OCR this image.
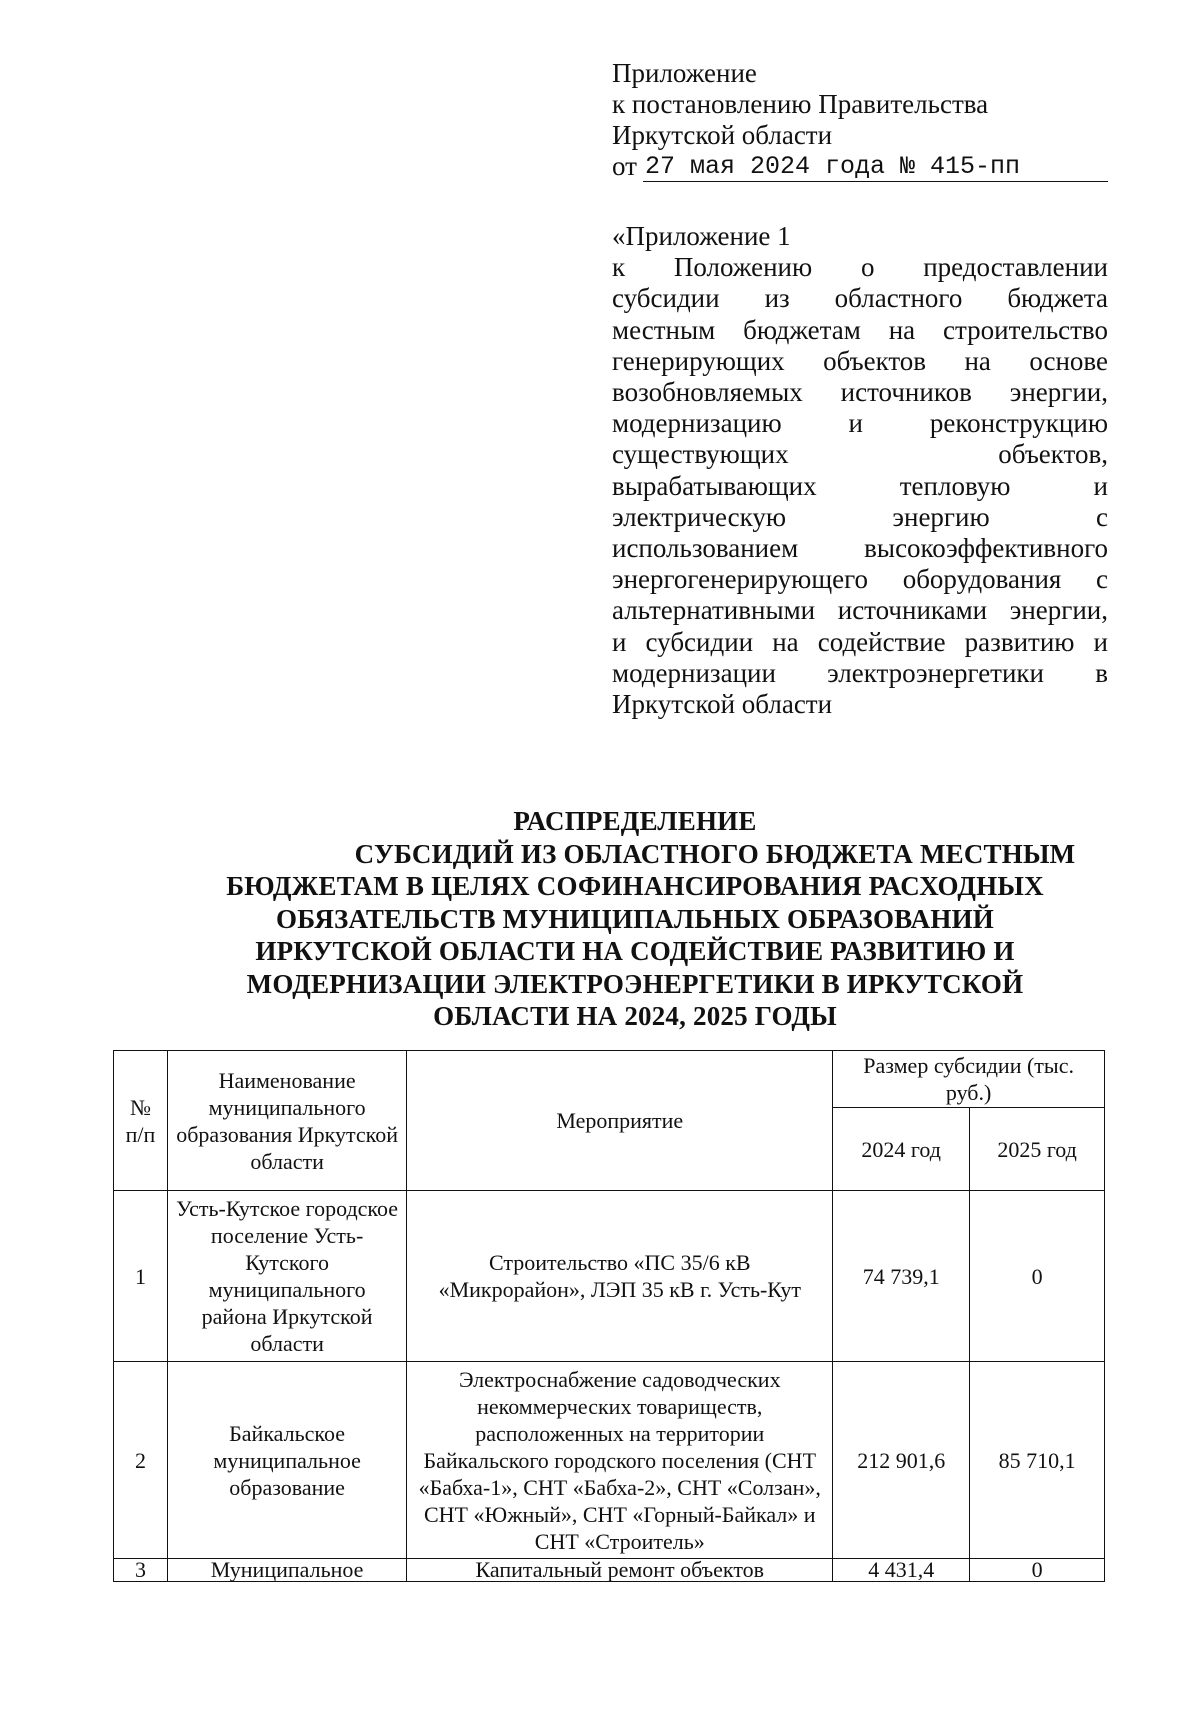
Приложение
к постановлению Правительства
Иркутской области
от 27 мая 2024 года № 415-пп
«Приложение 1
к Положению о предоставлении
субсидии из областного бюджета
местным бюджетам на строительство
генерирующих объектов на основе
возобновляемых источников энергии,
модернизацию и реконструкцию
существующих объектов,
вырабатывающих тепловую и
электрическую энергию с
использованием высокоэффективного
энергогенерирующего оборудования с
альтернативными источниками энергии,
и субсидии на содействие развитию и
модернизации электроэнергетики в
Иркутской области
РАСПРЕДЕЛЕНИЕ
СУБСИДИЙ ИЗ ОБЛАСТНОГО БЮДЖЕТА МЕСТНЫМ
БЮДЖЕТАМ В ЦЕЛЯХ СОФИНАНСИРОВАНИЯ РАСХОДНЫХ
ОБЯЗАТЕЛЬСТВ МУНИЦИПАЛЬНЫХ ОБРАЗОВАНИЙ
ИРКУТСКОЙ ОБЛАСТИ НА СОДЕЙСТВИЕ РАЗВИТИЮ И
МОДЕРНИЗАЦИИ ЭЛЕКТРОЭНЕРГЕТИКИ В ИРКУТСКОЙ
ОБЛАСТИ НА 2024, 2025 ГОДЫ
№ п/п	Наименование муниципального образования Иркутской области	Мероприятие	Размер субсидии (тыс. руб.)	
			2024 год	2025 год
1	Усть-Кутское городское поселение Усть-Кутского муниципального района Иркутской области	Строительство «ПС 35/6 кВ «Микрорайон», ЛЭП 35 кВ г. Усть-Кут	74 739,1	0
2	Байкальское муниципальное образование	Электроснабжение садоводческих некоммерческих товариществ, расположенных на территории Байкальского городского поселения (СНТ «Бабха-1», СНТ «Бабха-2», СНТ «Солзан», СНТ «Южный», СНТ «Горный-Байкал» и СНТ «Строитель»	212 901,6	85 710,1
3	Муниципальное	Капитальный ремонт объектов	4 431,4	0
